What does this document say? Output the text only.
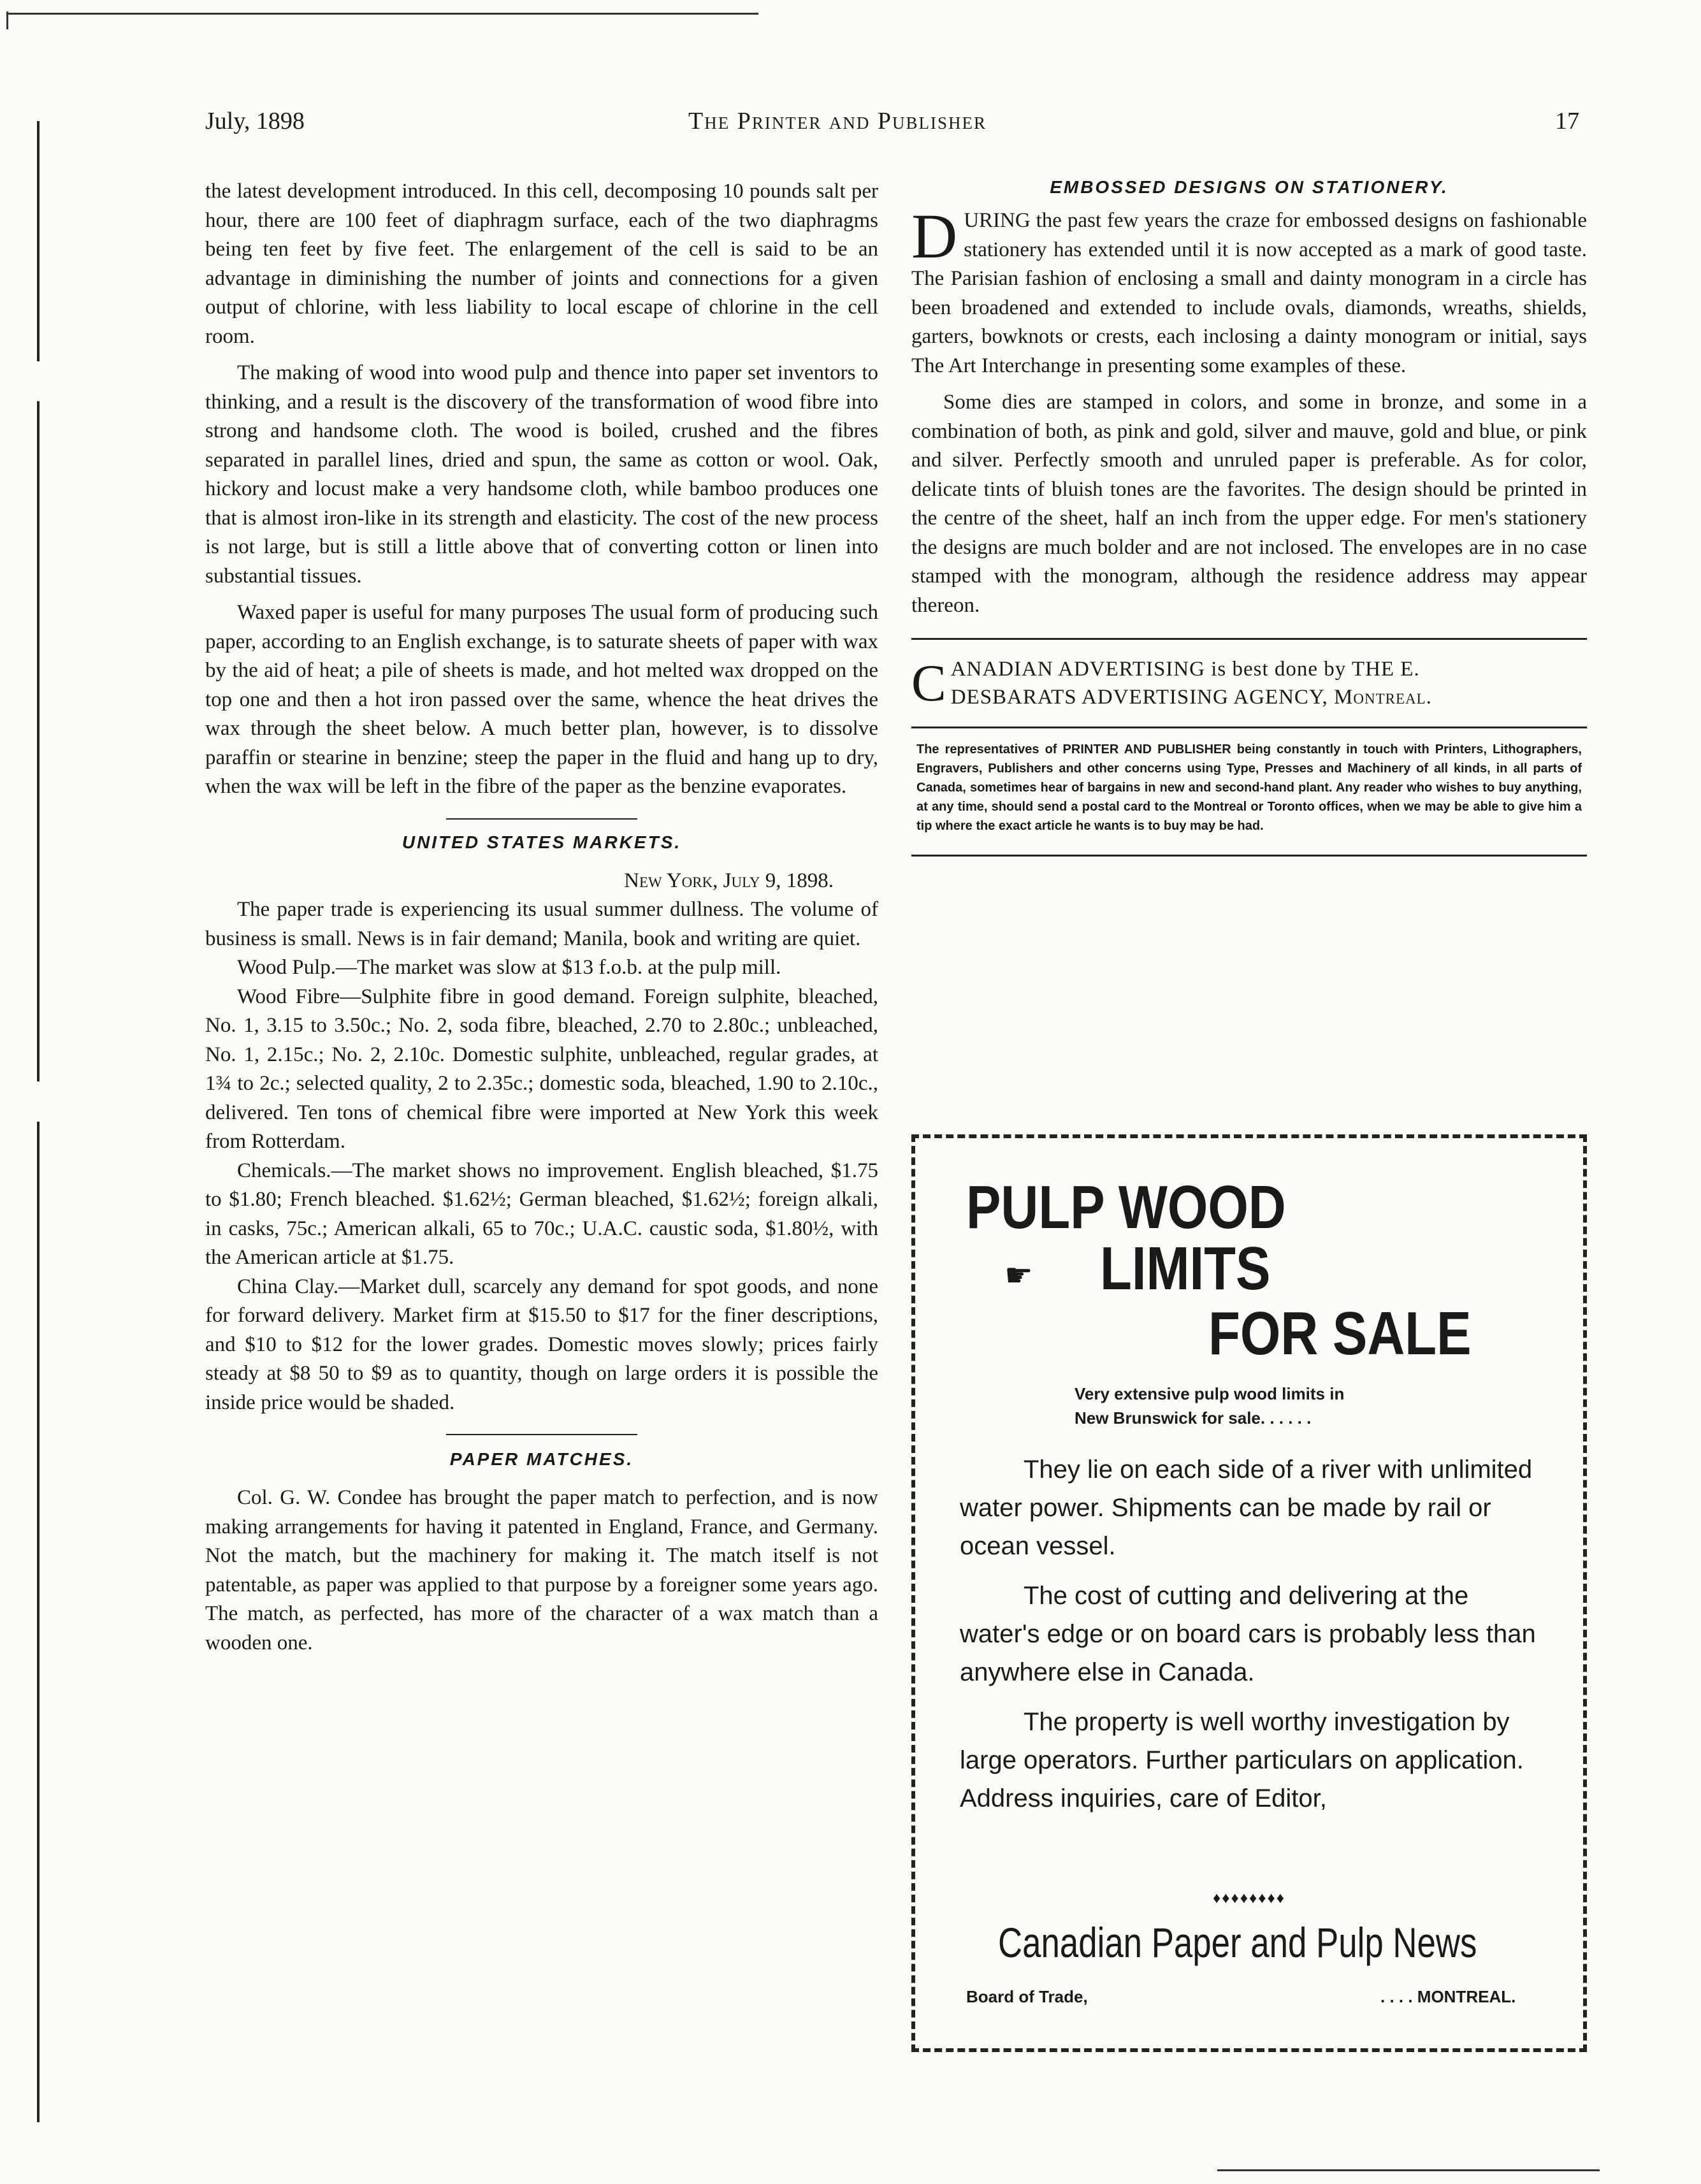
July, 1898	The Printer and Publisher	17

the latest development introduced. In this cell, decomposing 10 pounds salt per hour, there are 100 feet of diaphragm surface, each of the two diaphragms being ten feet by five feet. The enlargement of the cell is said to be an advantage in diminishing the number of joints and connections for a given output of chlorine, with less liability to local escape of chlorine in the cell room.

The making of wood into wood pulp and thence into paper set inventors to thinking, and a result is the discovery of the transformation of wood fibre into strong and handsome cloth. The wood is boiled, crushed and the fibres separated in parallel lines, dried and spun, the same as cotton or wool. Oak, hickory and locust make a very handsome cloth, while bamboo produces one that is almost iron-like in its strength and elasticity. The cost of the new process is not large, but is still a little above that of converting cotton or linen into substantial tissues.

Waxed paper is useful for many purposes The usual form of producing such paper, according to an English exchange, is to saturate sheets of paper with wax by the aid of heat; a pile of sheets is made, and hot melted wax dropped on the top one and then a hot iron passed over the same, whence the heat drives the wax through the sheet below. A much better plan, however, is to dissolve paraffin or stearine in benzine; steep the paper in the fluid and hang up to dry, when the wax will be left in the fibre of the paper as the benzine evaporates.

UNITED STATES MARKETS.

New York, July 9, 1898.

The paper trade is experiencing its usual summer dullness. The volume of business is small. News is in fair demand; Manila, book and writing are quiet.

Wood Pulp.—The market was slow at $13 f.o.b. at the pulp mill.

Wood Fibre—Sulphite fibre in good demand. Foreign sulphite, bleached, No. 1, 3.15 to 3.50c.; No. 2, soda fibre, bleached, 2.70 to 2.80c.; unbleached, No. 1, 2.15c.; No. 2, 2.10c. Domestic sulphite, unbleached, regular grades, at 1¾ to 2c.; selected quality, 2 to 2.35c.; domestic soda, bleached, 1.90 to 2.10c., delivered. Ten tons of chemical fibre were imported at New York this week from Rotterdam.

Chemicals.—The market shows no improvement. English bleached, $1.75 to $1.80; French bleached. $1.62½; German bleached, $1.62½; foreign alkali, in casks, 75c.; American alkali, 65 to 70c.; U.A.C. caustic soda, $1.80½, with the American article at $1.75.

China Clay.—Market dull, scarcely any demand for spot goods, and none for forward delivery. Market firm at $15.50 to $17 for the finer descriptions, and $10 to $12 for the lower grades. Domestic moves slowly; prices fairly steady at $8 50 to $9 as to quantity, though on large orders it is possible the inside price would be shaded.

PAPER MATCHES.

Col. G. W. Condee has brought the paper match to perfection, and is now making arrangements for having it patented in England, France, and Germany. Not the match, but the machinery for making it. The match itself is not patentable, as paper was applied to that purpose by a foreigner some years ago. The match, as perfected, has more of the character of a wax match than a wooden one.

EMBOSSED DESIGNS ON STATIONERY.

D URING the past few years the craze for embossed designs on fashionable stationery has extended until it is now accepted as a mark of good taste. The Parisian fashion of enclosing a small and dainty monogram in a circle has been broadened and extended to include ovals, diamonds, wreaths, shields, garters, bowknots or crests, each inclosing a dainty monogram or initial, says The Art Interchange in presenting some examples of these.

Some dies are stamped in colors, and some in bronze, and some in a combination of both, as pink and gold, silver and mauve, gold and blue, or pink and silver. Perfectly smooth and unruled paper is preferable. As for color, delicate tints of bluish tones are the favorites. The design should be printed in the centre of the sheet, half an inch from the upper edge. For men's stationery the designs are much bolder and are not inclosed. The envelopes are in no case stamped with the monogram, although the residence address may appear thereon.

C ANADIAN ADVERTISING is best done by THE E.
DESBARATS ADVERTISING AGENCY, Montreal.

The representatives of PRINTER AND PUBLISHER being constantly in touch with Printers, Lithographers, Engravers, Publishers and other concerns using Type, Presses and Machinery of all kinds, in all parts of Canada, sometimes hear of bargains in new and second-hand plant. Any reader who wishes to buy anything, at any time, should send a postal card to the Montreal or Toronto offices, when we may be able to give him a tip where the exact article he wants is to buy may be had.

PULP WOOD
☛ LIMITS
FOR SALE
Very extensive pulp wood limits in
New Brunswick for sale. . . . . .

They lie on each side of a river with unlimited water power. Shipments can be made by rail or ocean vessel.

The cost of cutting and delivering at the water's edge or on board cars is probably less than anywhere else in Canada.

The property is well worthy investigation by large operators. Further particulars on application. Address inquiries, care of Editor,

♦♦♦♦♦♦♦♦
Canadian Paper and Pulp News
Board of Trade,	. . . . MONTREAL.
